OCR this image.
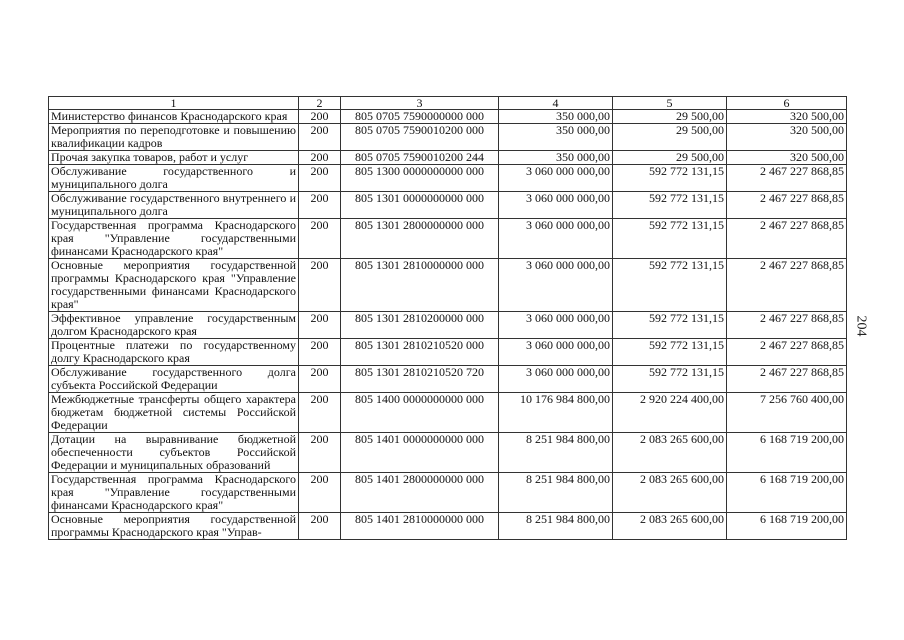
204
1	2	3	4	5	6
Министерство финансов Краснодарского края	200	805 0705 7590000000 000	350 000,00	29 500,00	320 500,00
Мероприятия по переподготовке и повышению квалификации кадров	200	805 0705 7590010200 000	350 000,00	29 500,00	320 500,00
Прочая закупка товаров, работ и услуг	200	805 0705 7590010200 244	350 000,00	29 500,00	320 500,00
Обслуживание государственного и муниципального долга	200	805 1300 0000000000 000	3 060 000 000,00	592 772 131,15	2 467 227 868,85
Обслуживание государственного внутреннего и муниципального долга	200	805 1301 0000000000 000	3 060 000 000,00	592 772 131,15	2 467 227 868,85
Государственная программа Краснодарского края "Управление государственными финансами Краснодарского края"	200	805 1301 2800000000 000	3 060 000 000,00	592 772 131,15	2 467 227 868,85
Основные мероприятия государственной программы Краснодарского края "Управление государственными финансами Краснодарского края"	200	805 1301 2810000000 000	3 060 000 000,00	592 772 131,15	2 467 227 868,85
Эффективное управление государственным долгом Краснодарского края	200	805 1301 2810200000 000	3 060 000 000,00	592 772 131,15	2 467 227 868,85
Процентные платежи по государственному долгу Краснодарского края	200	805 1301 2810210520 000	3 060 000 000,00	592 772 131,15	2 467 227 868,85
Обслуживание государственного долга субъекта Российской Федерации	200	805 1301 2810210520 720	3 060 000 000,00	592 772 131,15	2 467 227 868,85
Межбюджетные трансферты общего характера бюджетам бюджетной системы Российской Федерации	200	805 1400 0000000000 000	10 176 984 800,00	2 920 224 400,00	7 256 760 400,00
Дотации на выравнивание бюджетной обеспеченности субъектов Российской Федерации и муниципальных образований	200	805 1401 0000000000 000	8 251 984 800,00	2 083 265 600,00	6 168 719 200,00
Государственная программа Краснодарского края "Управление государственными финансами Краснодарского края"	200	805 1401 2800000000 000	8 251 984 800,00	2 083 265 600,00	6 168 719 200,00
Основные мероприятия государственной программы Краснодарского края "Управ-	200	805 1401 2810000000 000	8 251 984 800,00	2 083 265 600,00	6 168 719 200,00
